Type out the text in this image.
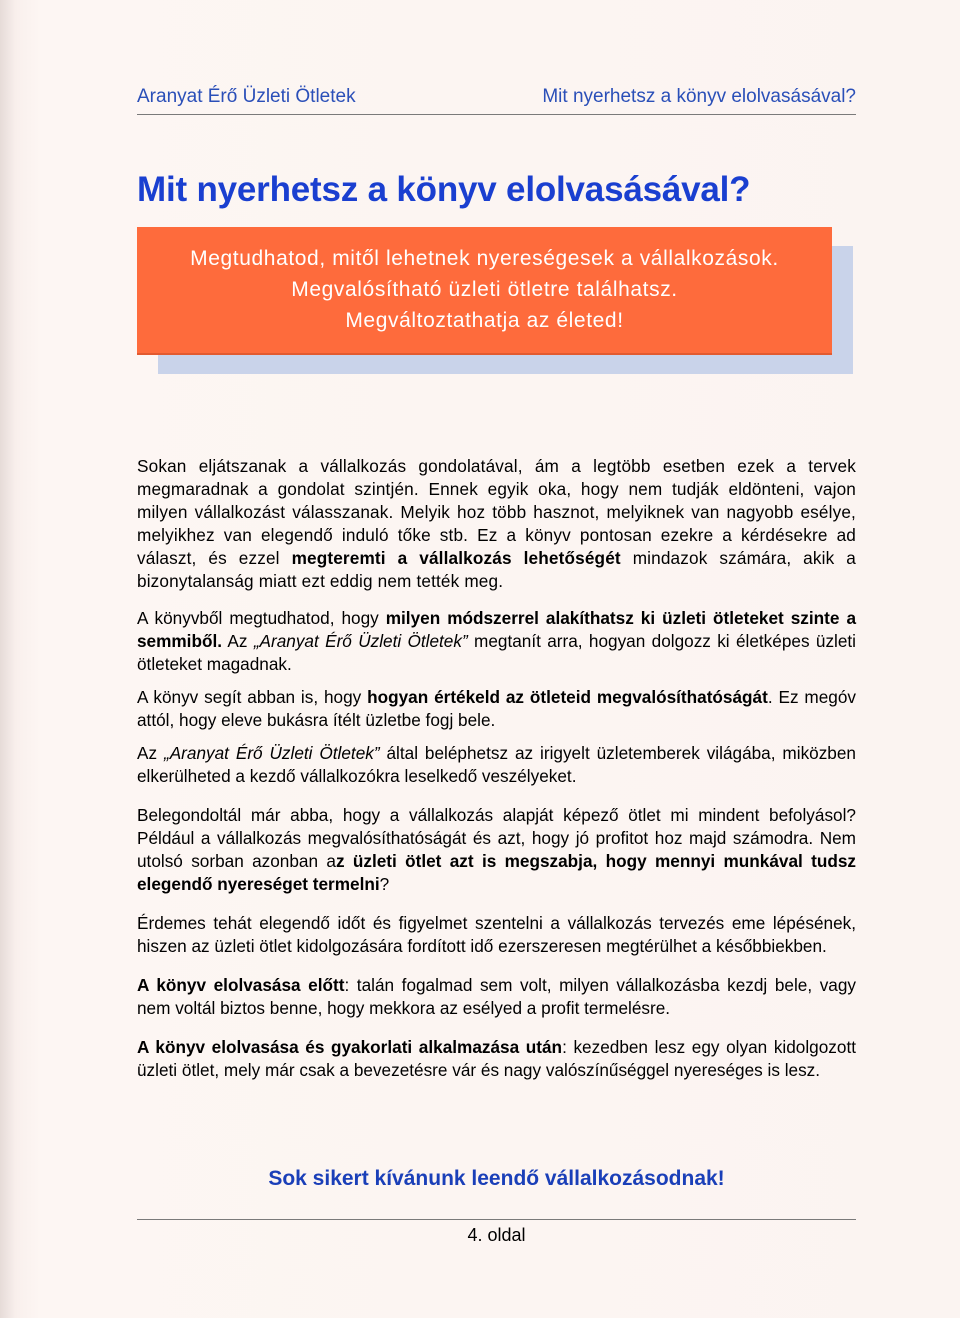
Aranyat Érő Üzleti Ötletek	Mit nyerhetsz a könyv elolvasásával?
Mit nyerhetsz a könyv elolvasásával?
Megtudhatod, mitől lehetnek nyereségesek a vállalkozások.
Megvalósítható üzleti ötletre találhatsz.
Megváltoztathatja az életed!

Sokan eljátszanak a vállalkozás gondolatával, ám a legtöbb esetben ezek a tervek megmaradnak a gondolat szintjén. Ennek egyik oka, hogy nem tudják eldönteni, vajon milyen vállalkozást válasszanak. Melyik hoz több hasznot, melyiknek van nagyobb esélye, melyikhez van elegendő induló tőke stb. Ez a könyv pontosan ezekre a kérdésekre ad választ, és ezzel megteremti a vállalkozás lehetőségét mindazok számára, akik a bizonytalanság miatt ezt eddig nem tették meg.

A könyvből megtudhatod, hogy milyen módszerrel alakíthatsz ki üzleti ötleteket szinte a semmiből. Az „Aranyat Érő Üzleti Ötletek” megtanít arra, hogyan dolgozz ki életképes üzleti ötleteket magadnak.

A könyv segít abban is, hogy hogyan értékeld az ötleteid megvalósíthatóságát. Ez megóv attól, hogy eleve bukásra ítélt üzletbe fogj bele.

Az „Aranyat Érő Üzleti Ötletek” által beléphetsz az irigyelt üzletemberek világába, miközben elkerülheted a kezdő vállalkozókra leselkedő veszélyeket.

Belegondoltál már abba, hogy a vállalkozás alapját képező ötlet mi mindent befolyásol? Például a vállalkozás megvalósíthatóságát és azt, hogy jó profitot hoz majd számodra. Nem utolsó sorban azonban az üzleti ötlet azt is megszabja, hogy mennyi munkával tudsz elegendő nyereséget termelni?

Érdemes tehát elegendő időt és figyelmet szentelni a vállalkozás tervezés eme lépésének, hiszen az üzleti ötlet kidolgozására fordított idő ezerszeresen megtérülhet a későbbiekben.

A könyv elolvasása előtt: talán fogalmad sem volt, milyen vállalkozásba kezdj bele, vagy nem voltál biztos benne, hogy mekkora az esélyed a profit termelésre.

A könyv elolvasása és gyakorlati alkalmazása után: kezedben lesz egy olyan kidolgozott üzleti ötlet, mely már csak a bevezetésre vár és nagy valószínűséggel nyereséges is lesz.

Sok sikert kívánunk leendő vállalkozásodnak!
4. oldal
